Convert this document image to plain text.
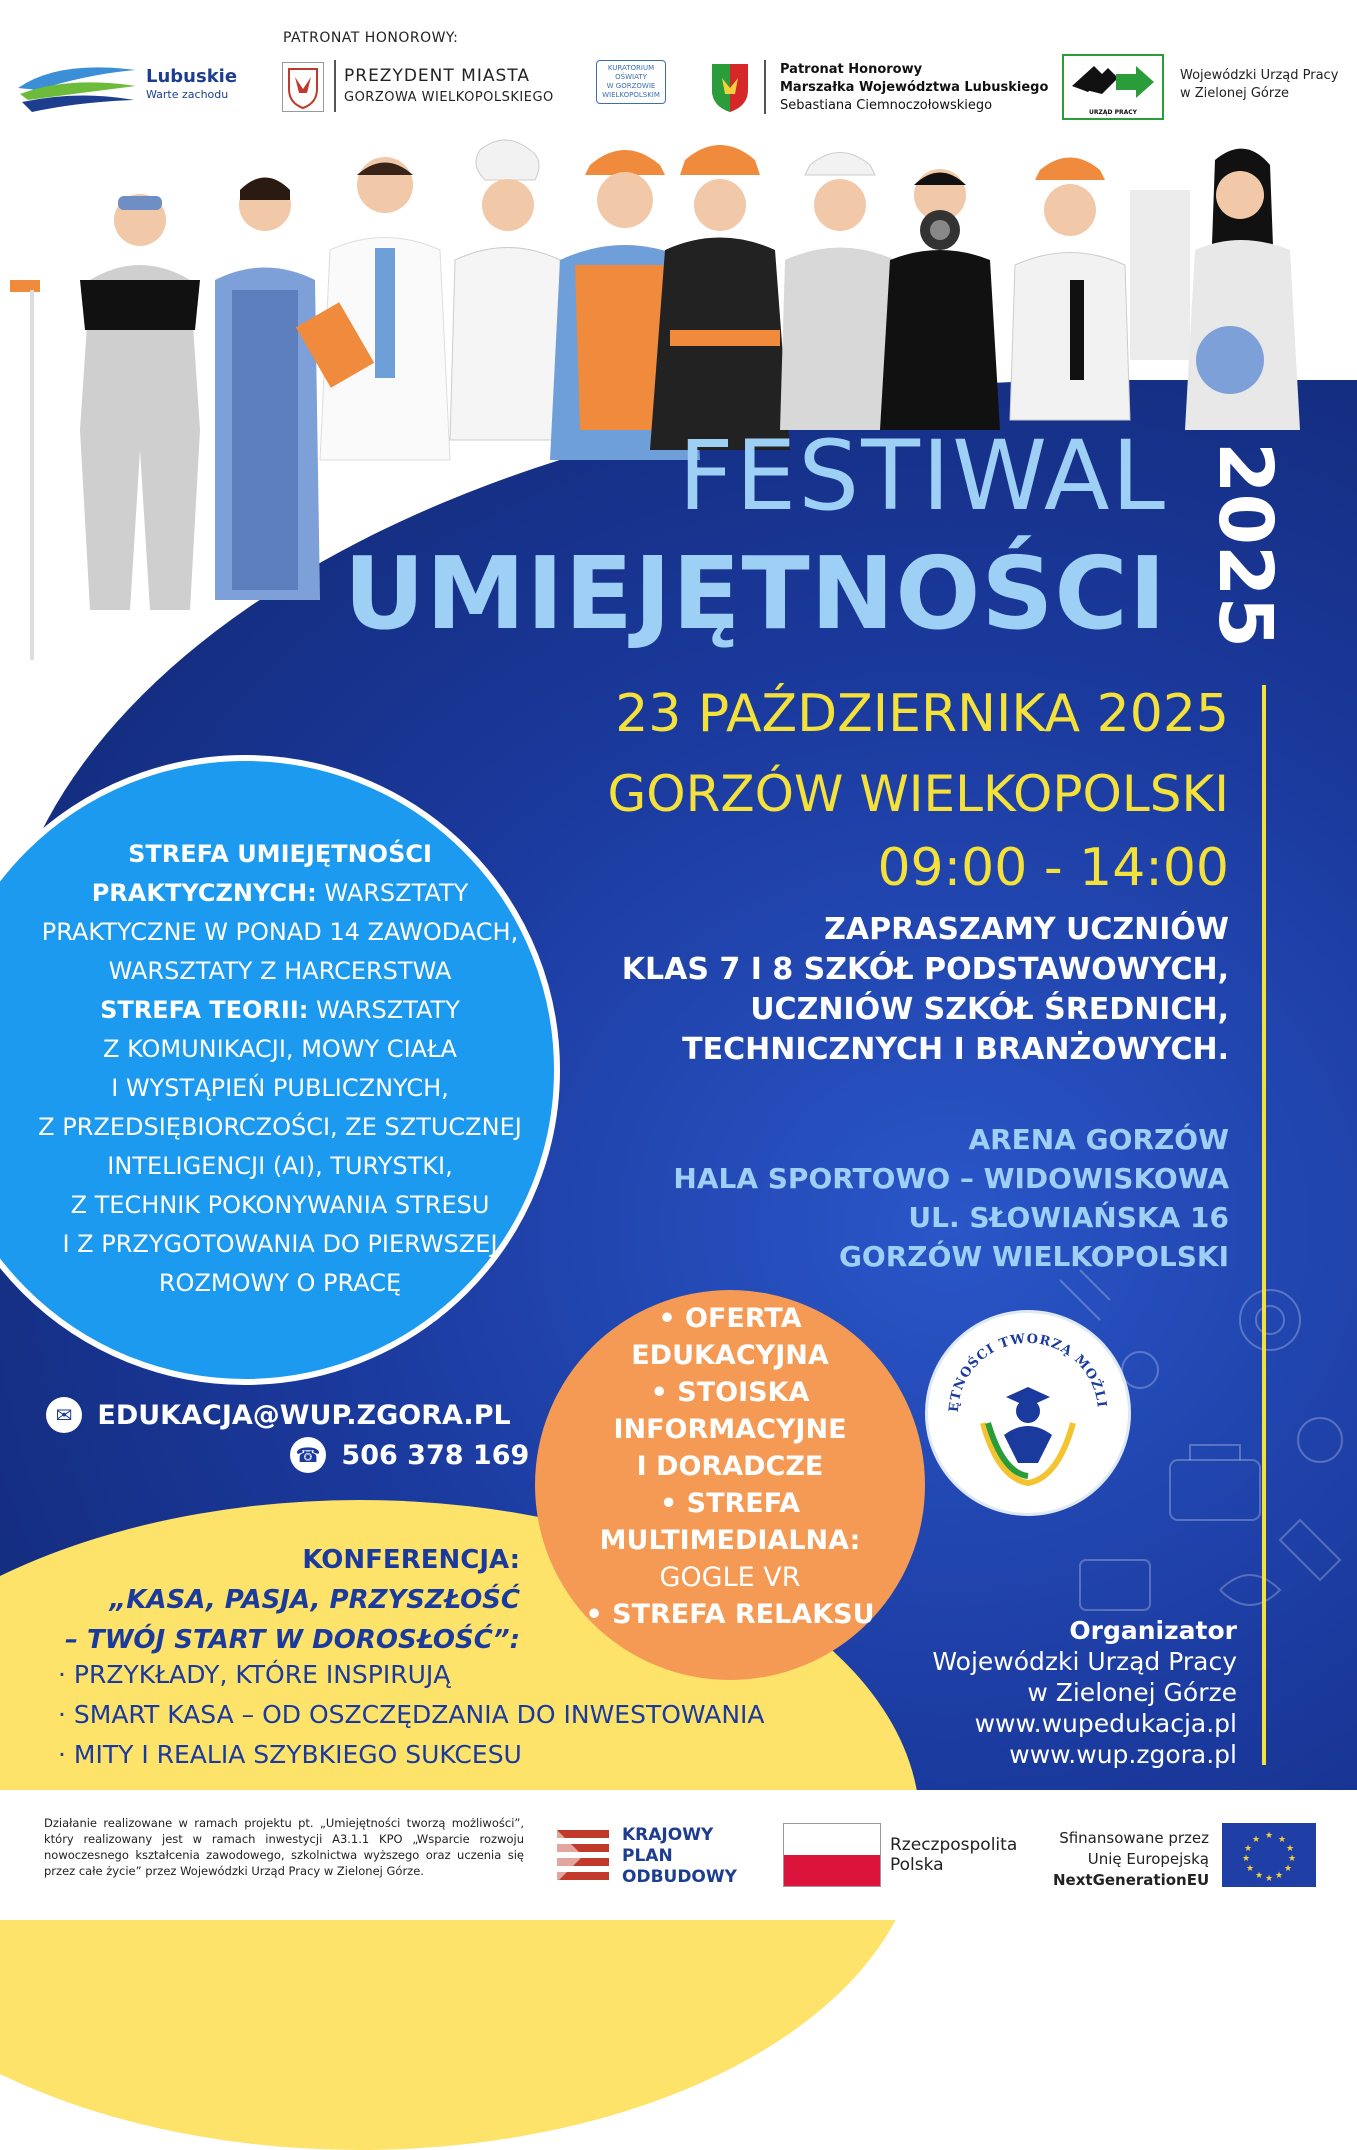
PATRONAT HONOROWY:
Lubuskie
Warte zachodu
PREZYDENT MIASTA
GORZOWA WIELKOPOLSKIEGO
KURATORIUM
OŚWIATY
W GORZOWIE
WIELKOPOLSKIM
Patronat Honorowy
Marszałka Województwa Lubuskiego
Sebastiana Ciemnoczołowskiego	URZĄD PRACY
Wojewódzki Urząd Pracy
w Zielonej Górze
FESTIWAL
UMIEJĘTNOŚCI 2025
23 PAŹDZIERNIKA 2025
GORZÓW WIELKOPOLSKI
09:00 - 14:00
ZAPRASZAMY UCZNIÓW
KLAS 7 I 8 SZKÓŁ PODSTAWOWYCH,
UCZNIÓW SZKÓŁ ŚREDNICH,
TECHNICZNYCH I BRANŻOWYCH.
ARENA GORZÓW
HALA SPORTOWO – WIDOWISKOWA
UL. SŁOWIAŃSKA 16
GORZÓW WIELKOPOLSKI
STREFA UMIEJĘTNOŚCI
PRAKTYCZNYCH: WARSZTATY
PRAKTYCZNE W PONAD 14 ZAWODACH,
WARSZTATY Z HARCERSTWA
STREFA TEORII: WARSZTATY
Z KOMUNIKACJI, MOWY CIAŁA
I WYSTĄPIEŃ PUBLICZNYCH,
Z PRZEDSIĘBIORCZOŚCI, ZE SZTUCZNEJ
INTELIGENCJI (AI), TURYSTKI,
Z TECHNIK POKONYWANIA STRESU
I Z PRZYGOTOWANIA DO PIERWSZEJ
ROZMOWY O PRACĘ
✉ EDUKACJA@WUP.ZGORA.PL
☎ 506 378 169
KONFERENCJA:
„KASA, PASJA, PRZYSZŁOŚĆ
– TWÓJ START W DOROSŁOŚĆ”:
· PRZYKŁADY, KTÓRE INSPIRUJĄ
· SMART KASA – OD OSZCZĘDZANIA DO INWESTOWANIA
· MITY I REALIA SZYBKIEGO SUKCESU
• OFERTA
EDUKACYJNA
• STOISKA
INFORMACYJNE
I DORADCZE
• STREFA
MULTIMEDIALNA:
GOGLE VR
• STREFA RELAKSU
ĘTNOŚCI TWORZĄ MOŻLI
Organizator
Wojewódzki Urząd Pracy
w Zielonej Górze
www.wupedukacja.pl
www.wup.zgora.pl
Działanie realizowane w ramach projektu pt. „Umiejętności tworzą możliwości”, który realizowany jest w ramach inwestycji A3.1.1 KPO „Wsparcie rozwoju nowoczesnego kształcenia zawodowego, szkolnictwa wyższego oraz uczenia się przez całe życie” przez Wojewódzki Urząd Pracy w Zielonej Górze.
KRAJOWY
PLAN
ODBUDOWY
Rzeczpospolita
Polska
Sfinansowane przez
Unię Europejską
NextGenerationEU
★ ★
★
★
★
★
★
★
★
★
★
★
